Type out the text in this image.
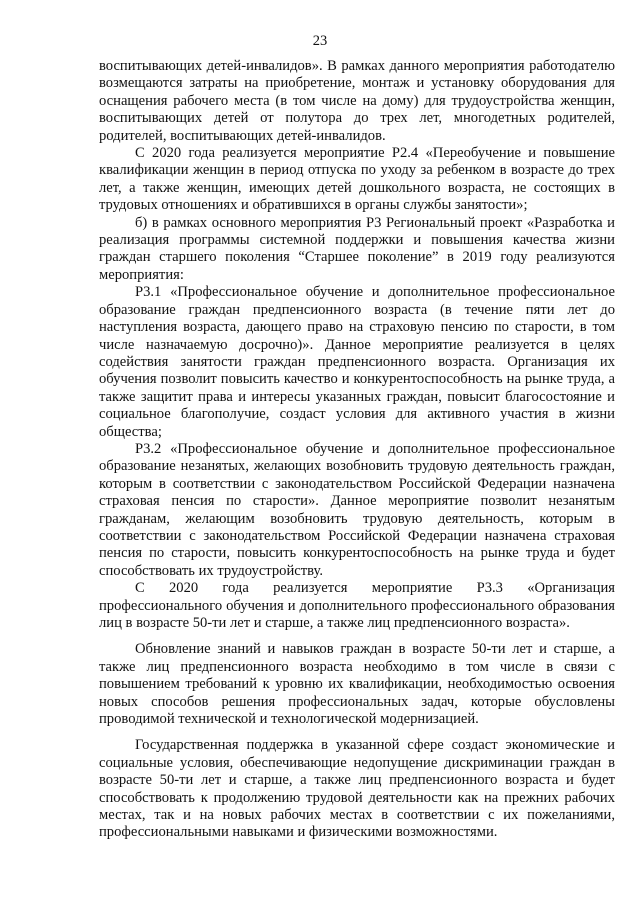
23

воспитывающих детей-инвалидов». В рамках данного мероприятия работодателю возмещаются затраты на приобретение, монтаж и установку оборудования для оснащения рабочего места (в том числе на дому) для трудоустройства женщин, воспитывающих детей от полутора до трех лет, многодетных родителей, родителей, воспитывающих детей-инвалидов.

С 2020 года реализуется мероприятие Р2.4 «Переобучение и повышение квалификации женщин в период отпуска по уходу за ребенком в возрасте до трех лет, а также женщин, имеющих детей дошкольного возраста, не состоящих в трудовых отношениях и обратившихся в органы службы занятости»;

б) в рамках основного мероприятия Р3 Региональный проект «Разработка и реализация программы системной поддержки и повышения качества жизни граждан старшего поколения “Старшее поколение” в 2019 году реализуются мероприятия:

Р3.1 «Профессиональное обучение и дополнительное профессиональное образование граждан предпенсионного возраста (в течение пяти лет до наступления возраста, дающего право на страховую пенсию по старости, в том числе назначаемую досрочно)». Данное мероприятие реализуется в целях содействия занятости граждан предпенсионного возраста. Организация их обучения позволит повысить качество и конкурентоспособность на рынке труда, а также защитит права и интересы указанных граждан, повысит благосостояние и социальное благополучие, создаст условия для активного участия в жизни общества;

Р3.2 «Профессиональное обучение и дополнительное профессиональное образование незанятых, желающих возобновить трудовую деятельность граждан, которым в соответствии с законодательством Российской Федерации назначена страховая пенсия по старости». Данное мероприятие позволит незанятым гражданам, желающим возобновить трудовую деятельность, которым в соответствии с законодательством Российской Федерации назначена страховая пенсия по старости, повысить конкурентоспособность на рынке труда и будет способствовать их трудоустройству.

С 2020 года реализуется мероприятие Р3.3 «Организация профессионального обучения и дополнительного профессионального образования лиц в возрасте 50-ти лет и старше, а также лиц предпенсионного возраста».

Обновление знаний и навыков граждан в возрасте 50-ти лет и старше, а также лиц предпенсионного возраста необходимо в том числе в связи с повышением требований к уровню их квалификации, необходимостью освоения новых способов решения профессиональных задач, которые обусловлены проводимой технической и технологической модернизацией.

Государственная поддержка в указанной сфере создаст экономические и социальные условия, обеспечивающие недопущение дискриминации граждан в возрасте 50-ти лет и старше, а также лиц предпенсионного возраста и будет способствовать к продолжению трудовой деятельности как на прежних рабочих местах, так и на новых рабочих местах в соответствии с их пожеланиями, профессиональными навыками и физическими возможностями.
